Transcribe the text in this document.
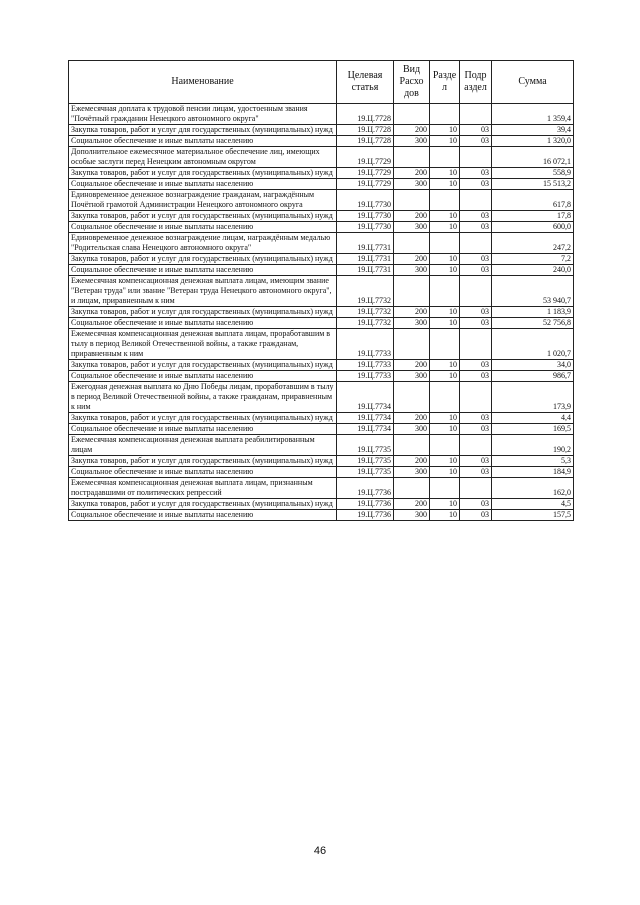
Наименование	Целевая статья	Вид Расхо дов	Разде л	Подр аздел	Сумма
Ежемесячная доплата к трудовой пенсии лицам, удостоенным звания "Почётный гражданин Ненецкого автономного округа"	19.Ц.7728				1 359,4
Закупка товаров, работ и услуг для государственных (муниципальных) нужд	19.Ц.7728	200	10	03	39,4
Социальное обеспечение и иные выплаты населению	19.Ц.7728	300	10	03	1 320,0
Дополнительное ежемесячное материальное обеспечение лиц, имеющих особые заслуги перед Ненецким автономным округом	19.Ц.7729				16 072,1
Закупка товаров, работ и услуг для государственных (муниципальных) нужд	19.Ц.7729	200	10	03	558,9
Социальное обеспечение и иные выплаты населению	19.Ц.7729	300	10	03	15 513,2
Единовременное денежное вознаграждение гражданам, награждённым Почётной грамотой Администрации Ненецкого автономного округа	19.Ц.7730				617,8
Закупка товаров, работ и услуг для государственных (муниципальных) нужд	19.Ц.7730	200	10	03	17,8
Социальное обеспечение и иные выплаты населению	19.Ц.7730	300	10	03	600,0
Единовременное денежное вознаграждение лицам, награждённым медалью "Родительская слава Ненецкого автономного округа"	19.Ц.7731				247,2
Закупка товаров, работ и услуг для государственных (муниципальных) нужд	19.Ц.7731	200	10	03	7,2
Социальное обеспечение и иные выплаты населению	19.Ц.7731	300	10	03	240,0
Ежемесячная компенсационная денежная выплата лицам, имеющим звание "Ветеран труда" или звание "Ветеран труда Ненецкого автономного округа", и лицам, приравненным к ним	19.Ц.7732				53 940,7
Закупка товаров, работ и услуг для государственных (муниципальных) нужд	19.Ц.7732	200	10	03	1 183,9
Социальное обеспечение и иные выплаты населению	19.Ц.7732	300	10	03	52 756,8
Ежемесячная компенсационная денежная выплата лицам, проработавшим в тылу в период Великой Отечественной войны, а также гражданам, приравненным к ним	19.Ц.7733				1 020,7
Закупка товаров, работ и услуг для государственных (муниципальных) нужд	19.Ц.7733	200	10	03	34,0
Социальное обеспечение и иные выплаты населению	19.Ц.7733	300	10	03	986,7
Ежегодная денежная выплата ко Дню Победы лицам, проработавшим в тылу в период Великой Отечественной войны, а также гражданам, приравненным к ним	19.Ц.7734				173,9
Закупка товаров, работ и услуг для государственных (муниципальных) нужд	19.Ц.7734	200	10	03	4,4
Социальное обеспечение и иные выплаты населению	19.Ц.7734	300	10	03	169,5
Ежемесячная компенсационная денежная выплата реабилитированным лицам	19.Ц.7735				190,2
Закупка товаров, работ и услуг для государственных (муниципальных) нужд	19.Ц.7735	200	10	03	5,3
Социальное обеспечение и иные выплаты населению	19.Ц.7735	300	10	03	184,9
Ежемесячная компенсационная денежная выплата лицам, признанным пострадавшими от политических репрессий	19.Ц.7736				162,0
Закупка товаров, работ и услуг для государственных (муниципальных) нужд	19.Ц.7736	200	10	03	4,5
Социальное обеспечение и иные выплаты населению	19.Ц.7736	300	10	03	157,5
46
